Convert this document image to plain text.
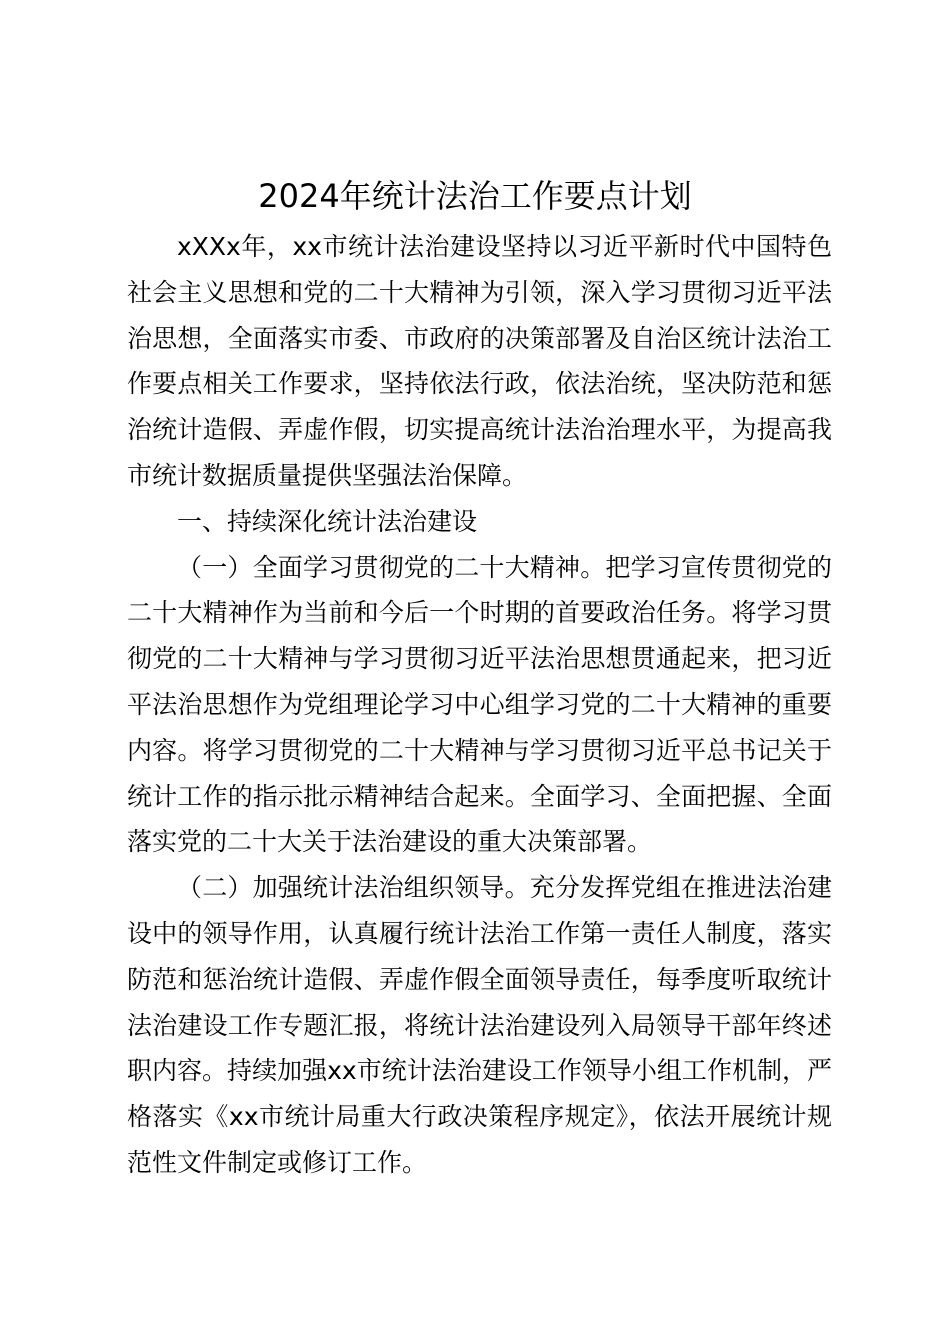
2024年统计法治工作要点计划

xXXx年，xx市统计法治建设坚持以习近平新时代中国特色社会主义思想和党的二十大精神为引领，深入学习贯彻习近平法治思想，全面落实市委、市政府的决策部署及自治区统计法治工作要点相关工作要求，坚持依法行政，依法治统，坚决防范和惩治统计造假、弄虚作假，切实提高统计法治治理水平，为提高我市统计数据质量提供坚强法治保障。

一、持续深化统计法治建设

（一）全面学习贯彻党的二十大精神。把学习宣传贯彻党的二十大精神作为当前和今后一个时期的首要政治任务。将学习贯彻党的二十大精神与学习贯彻习近平法治思想贯通起来，把习近平法治思想作为党组理论学习中心组学习党的二十大精神的重要内容。将学习贯彻党的二十大精神与学习贯彻习近平总书记关于统计工作的指示批示精神结合起来。全面学习、全面把握、全面落实党的二十大关于法治建设的重大决策部署。

（二）加强统计法治组织领导。充分发挥党组在推进法治建设中的领导作用，认真履行统计法治工作第一责任人制度，落实防范和惩治统计造假、弄虚作假全面领导责任，每季度听取统计法治建设工作专题汇报，将统计法治建设列入局领导干部年终述职内容。持续加强xx市统计法治建设工作领导小组工作机制，严格落实《xx市统计局重大行政决策程序规定》，依法开展统计规范性文件制定或修订工作。
